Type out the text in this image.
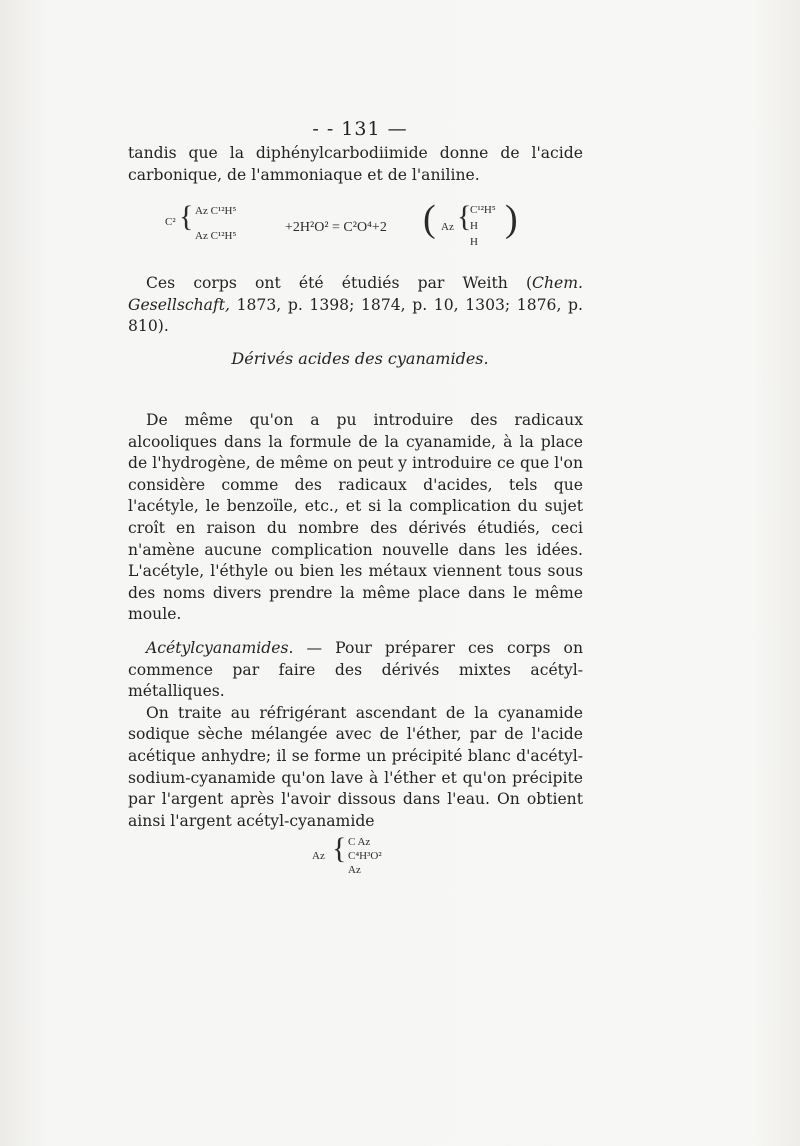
- - 131 —

tandis que la diphénylcarbodiimide donne de l'acide carbonique, de l'ammoniaque et de l'aniline.

C² { Az C¹²H⁵
Az C¹²H⁵
+2H²O² = C²O⁴+2 ( Az {
C¹²H⁵
H
H
)

Ces corps ont été étudiés par Weith (Chem. Gesellschaft, 1873, p. 1398; 1874, p. 10, 1303; 1876, p. 810).

Dérivés acides des cyanamides.

De même qu'on a pu introduire des radicaux alcooliques dans la formule de la cyanamide, à la place de l'hydrogène, de même on peut y introduire ce que l'on considère comme des radicaux d'acides, tels que l'acétyle, le benzoïle, etc., et si la complication du sujet croît en raison du nombre des dérivés étudiés, ceci n'amène aucune complication nouvelle dans les idées. L'acétyle, l'éthyle ou bien les métaux viennent tous sous des noms divers prendre la même place dans le même moule.

Acétylcyanamides. — Pour préparer ces corps on commence par faire des dérivés mixtes acétyl-métalliques.

On traite au réfrigérant ascendant de la cyanamide sodique sèche mélangée avec de l'éther, par de l'acide acétique anhydre; il se forme un précipité blanc d'acétyl-sodium-cyanamide qu'on lave à l'éther et qu'on précipite par l'argent après l'avoir dissous dans l'eau. On obtient ainsi l'argent acétyl-cyanamide

Az { C Az
C⁴H³O²
Az
